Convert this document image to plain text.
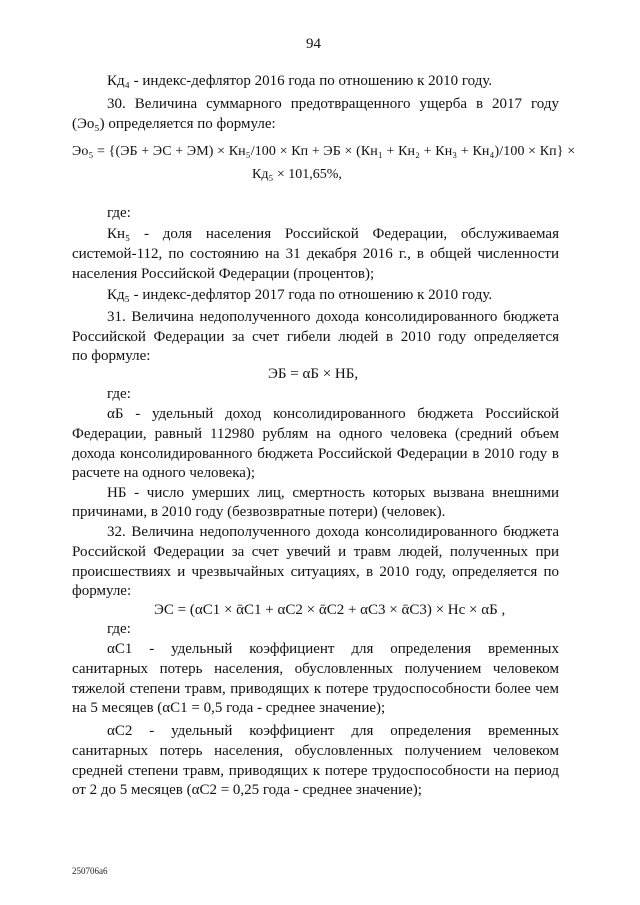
94
Кд₄ - индекс-дефлятор 2016 года по отношению к 2010 году.
30. Величина суммарного предотвращенного ущерба в 2017 году
(Эо₅) определяется по формуле:
Эо₅ = {(ЭБ + ЭС + ЭМ) × Кн₅/100 × Кп + ЭБ × (Кн₁ + Кн₂ + Кн₃ + Кн₄)/100 × Кп} ×
Кд₅ × 101,65%,
где:
Кн₅ - доля населения Российской Федерации, обслуживаемая
системой-112, по состоянию на 31 декабря 2016 г., в общей численности
населения Российской Федерации (процентов);
Кд₅ - индекс-дефлятор 2017 года по отношению к 2010 году.
31. Величина недополученного дохода консолидированного бюджета
Российской Федерации за счет гибели людей в 2010 году определяется
по формуле:
ЭБ = αБ × НБ,
где:
αБ - удельный доход консолидированного бюджета Российской
Федерации, равный 112980 рублям на одного человека (средний объем
дохода консолидированного бюджета Российской Федерации в 2010 году в
расчете на одного человека);
НБ - число умерших лиц, смертность которых вызвана внешними
причинами, в 2010 году (безвозвратные потери) (человек).
32. Величина недополученного дохода консолидированного бюджета
Российской Федерации за счет увечий и травм людей, полученных при
происшествиях и чрезвычайных ситуациях, в 2010 году, определяется по
формуле:
ЭС = (αC1 × ᾱC1 + αC2 × ᾱC2 + αC3 × ᾱC3) × Нс × αБ ,
где:
αC1 - удельный коэффициент для определения временных
санитарных потерь населения, обусловленных получением человеком
тяжелой степени травм, приводящих к потере трудоспособности более чем
на 5 месяцев (αC1 = 0,5 года - среднее значение);
αC2 - удельный коэффициент для определения временных
санитарных потерь населения, обусловленных получением человеком
средней степени травм, приводящих к потере трудоспособности на период
от 2 до 5 месяцев (αC2 = 0,25 года - среднее значение);
250706a6
